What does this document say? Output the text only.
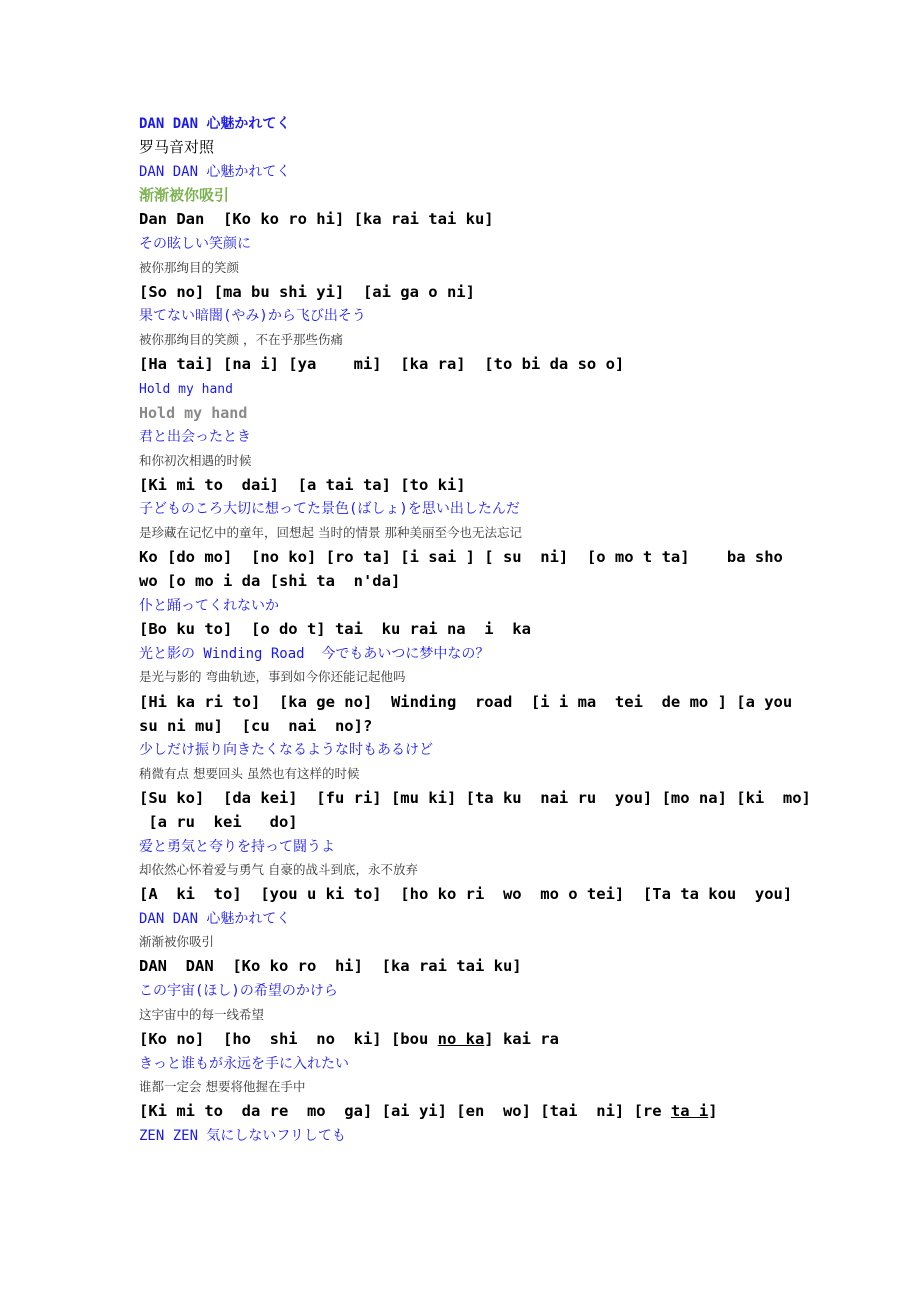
DAN DAN 心魅かれてく
罗马音对照
DAN DAN 心魅かれてく
渐渐被你吸引
Dan Dan  [Ko ko ro hi] [ka rai tai ku]
その眩しい笑颜に
被你那绚目的笑颜
[So no] [ma bu shi yi]  [ai ga o ni]
果てない暗闇(やみ)から飞び出そう
被你那绚目的笑颜 ，不在乎那些伤痛
[Ha tai] [na i] [ya    mi]  [ka ra]  [to bi da so o]
Hold my hand
Hold my hand
君と出会ったとき
和你初次相遇的时候
[Ki mi to  dai]  [a tai ta] [to ki]
子どものころ大切に想ってた景色(ばしょ)を思い出したんだ
是珍藏在记忆中的童年，回想起 当时的情景 那种美丽至今也无法忘记
Ko [do mo]  [no ko] [ro ta] [i sai ] [ su  ni]  [o mo t ta]    ba sho
wo [o mo i da [shi ta  n'da]
仆と踊ってくれないか
[Bo ku to]  [o do t] tai  ku rai na  i  ka
光と影の Winding Road  今でもあいつに梦中なの？
是光与影的 弯曲轨迹，事到如今你还能记起他吗
[Hi ka ri to]  [ka ge no]  Winding  road  [i i ma  tei  de mo ] [a you
su ni mu]  [cu  nai  no]?
少しだけ振り向きたくなるような时もあるけど
稍微有点 想要回头 虽然也有这样的时候
[Su ko]  [da kei]  [fu ri] [mu ki] [ta ku  nai ru  you] [mo na] [ki  mo]
[a ru  kei   do]
爱と勇気と夸りを持って闘うよ
却依然心怀着爱与勇气 自豪的战斗到底，永不放弃
[A  ki  to]  [you u ki to]  [ho ko ri  wo  mo o tei]  [Ta ta kou  you]
DAN DAN 心魅かれてく
渐渐被你吸引
DAN  DAN  [Ko ko ro  hi]  [ka rai tai ku]
この宇宙(ほし)の希望のかけら
这宇宙中的每一线希望
[Ko no]  [ho  shi  no  ki] [bou no ka] kai ra
きっと谁もが永远を手に入れたい
谁都一定会 想要将他握在手中
[Ki mi to  da re  mo  ga] [ai yi] [en  wo] [tai  ni] [re ta i]
ZEN ZEN 気にしないフリしても
